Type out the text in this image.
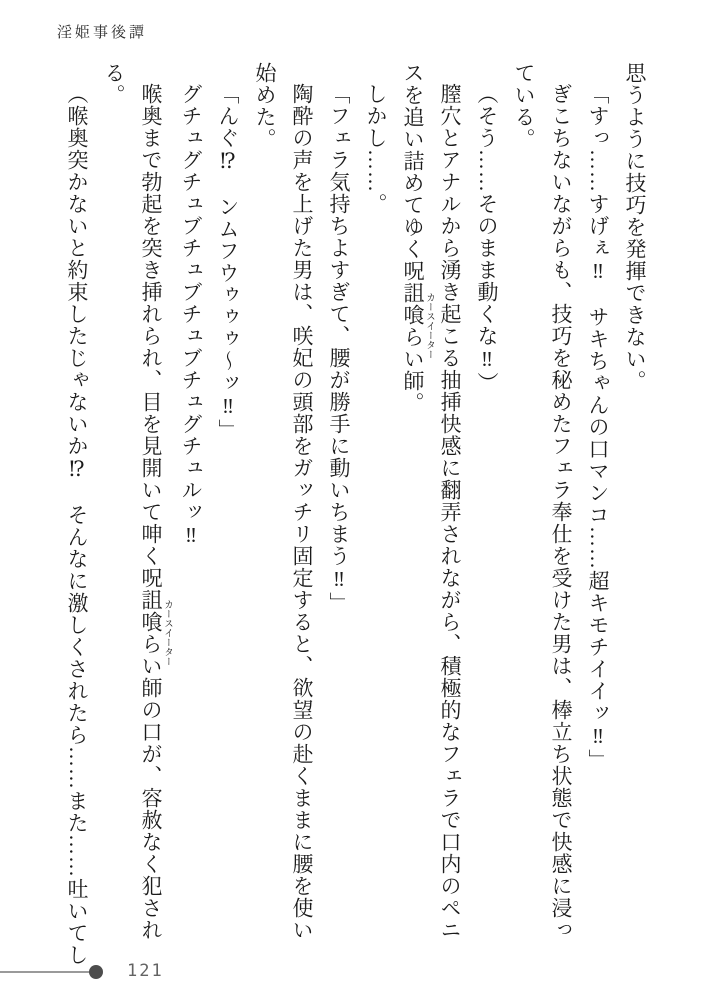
淫姫事後譚

思うように技巧を発揮できない。

「すっ……すげぇ‼　サキちゃんの口マンコ……超キモチイイッ‼」

ぎこちないながらも、技巧を秘めたフェラ奉仕を受けた男は、棒立ち状態で快感に浸っ
ている。

（そう……そのまま動くな‼）

膣穴とアナルから湧き起こる抽挿快感に翻弄されながら、積極的なフェラで口内のペニ
スを追い詰めてゆく呪詛喰らい師 カースイーター。

しかし……。

「フェラ気持ちよすぎて、腰が勝手に動いちまう‼」

陶酔の声を上げた男は、咲妃の頭部をガッチリ固定すると、欲望の赴くままに腰を使い
始めた。

「んぐ⁉　ンムフウゥゥゥ〜ッ‼」

グチュグチュブチュブチュブチュグチュルッ‼

喉奥まで勃起を突き挿れられ、目を見開いて呻く呪詛喰らい師 カースイーターの口が、容赦なく犯され
る。

（喉奥突かないと約束したじゃないか⁉　そんなに激しくされたら……また……吐いてし

121
